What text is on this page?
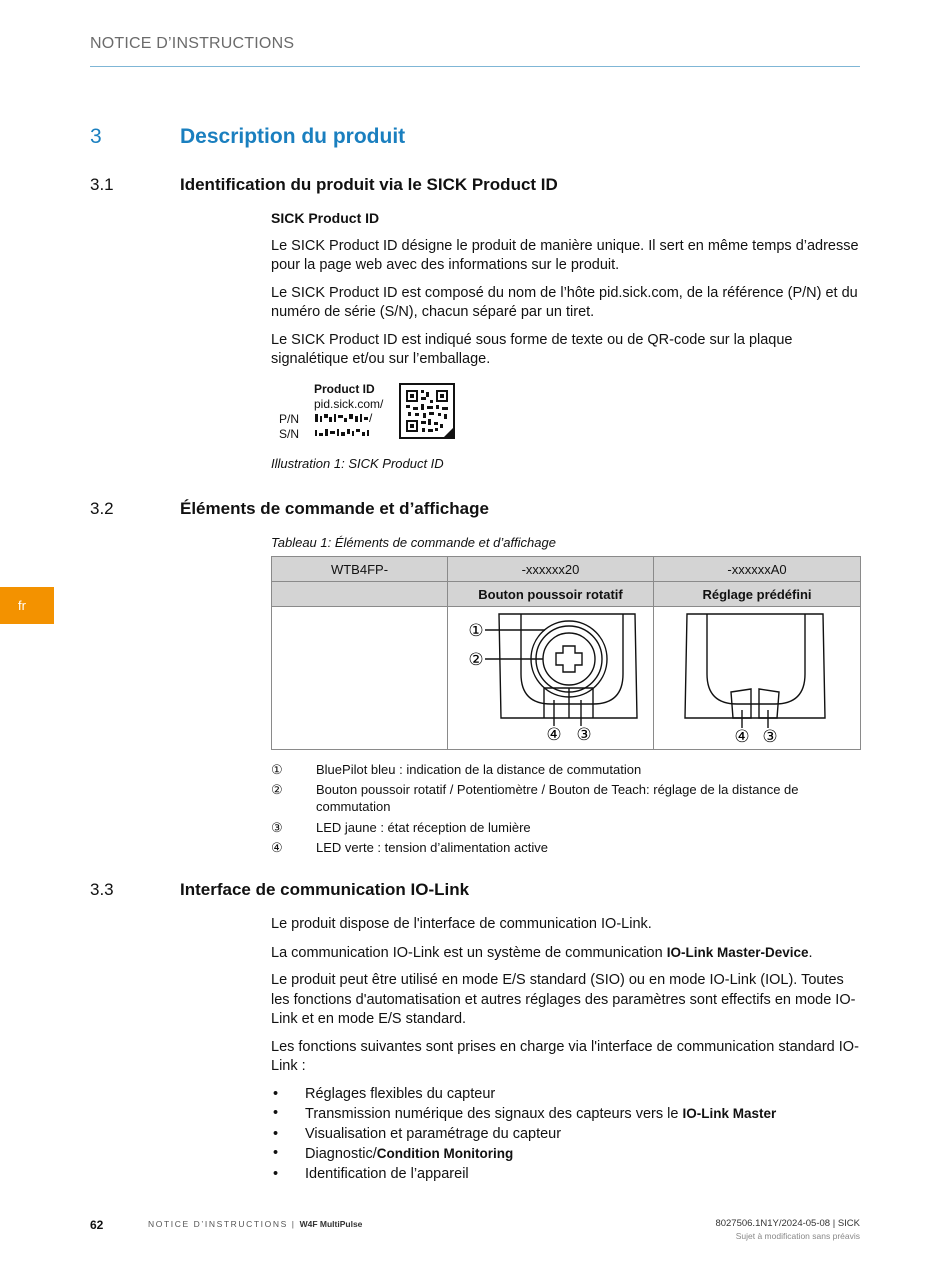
NOTICE D’INSTRUCTIONS
fr
3	Description du produit
3.1	Identification du produit via le SICK Product ID

SICK Product ID

Le SICK Product ID désigne le produit de manière unique. Il sert en même temps d’adresse pour la page web avec des informations sur le produit.

Le SICK Product ID est composé du nom de l’hôte pid.sick.com, de la référence (P/N) et du numéro de série (S/N), chacun séparé par un tiret.

Le SICK Product ID est indiqué sous forme de texte ou de QR-code sur la plaque signalétique et/ou sur l’emballage.

Product ID
pid.sick.com/
P/N
S/N
/
Illustration 1: SICK Product ID
3.2	Éléments de commande et d’affichage
Tableau 1: Éléments de commande et d’affichage
WTB4FP-	-xxxxxx20	-xxxxxxA0
	Bouton poussoir rotatif	Réglage prédéfini

①
②
④ ③	④ ③
①	BluePilot bleu : indication de la distance de commutation
②	Bouton poussoir rotatif / Potentiomètre / Bouton de Teach: réglage de la distance de commutation
③	LED jaune : état réception de lumière
④	LED verte : tension d’alimentation active
3.3	Interface de communication IO-Link

Le produit dispose de l'interface de communication IO-Link.

La communication IO-Link est un système de communication IO-Link Master-Device.

Le produit peut être utilisé en mode E/S standard (SIO) ou en mode IO-Link (IOL). Toutes les fonctions d'automatisation et autres réglages des paramètres sont effectifs en mode IO-Link et en mode E/S standard.

Les fonctions suivantes sont prises en charge via l'interface de communication standard IO-Link :

• Réglages flexibles du capteur
• Transmission numérique des signaux des capteurs vers le IO-Link Master
• Visualisation et paramétrage du capteur
• Diagnostic/Condition Monitoring
• Identification de l’appareil
62	NOTICE D’INSTRUCTIONS | W4F MultiPulse	8027506.1N1Y/2024-05-08 | SICK
Sujet à modification sans préavis
